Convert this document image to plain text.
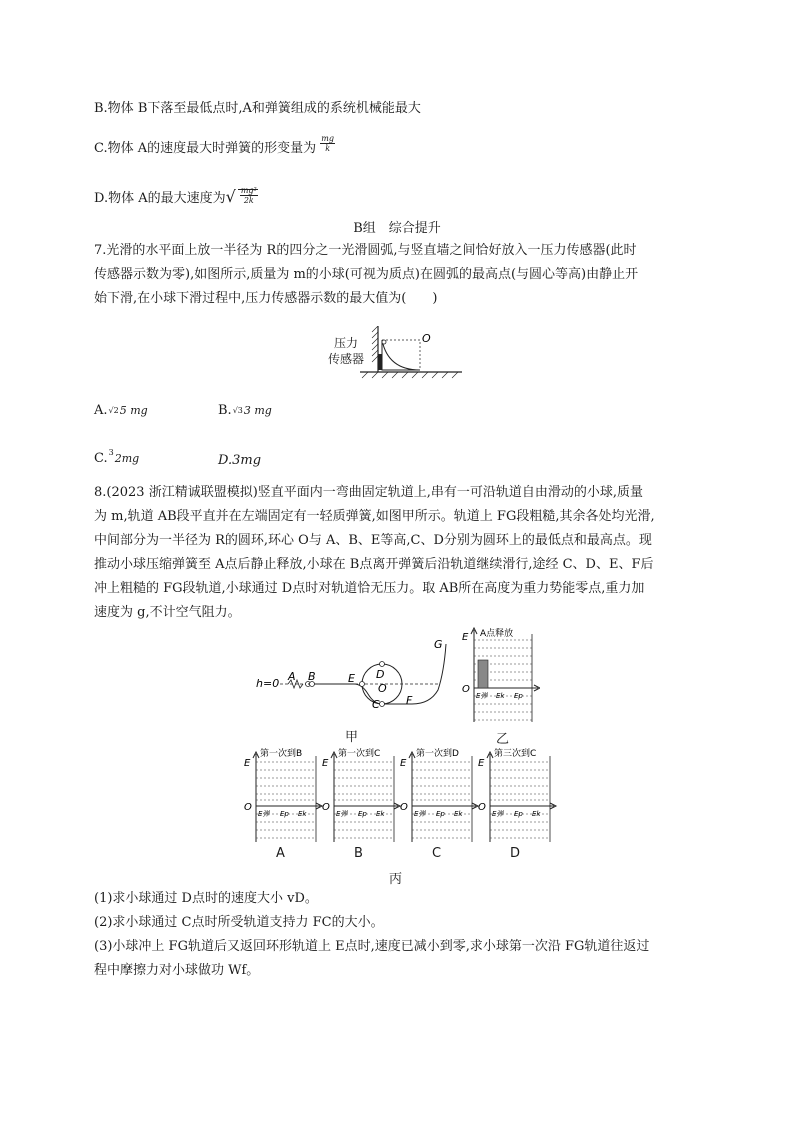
B.物体 B下落至最低点时,A和弹簧组成的系统机械能最大
C.物体 A的速度最大时弹簧的形变量为 $\frac{mg}{k}$
D.物体 A的最大速度为√ $\frac{\text{mg²}}{2k}$
B组　综合提升
7.光滑的水平面上放一半径为 R的四分之一光滑圆弧,与竖直墙之间恰好放入一压力传感器(此时
传感器示数为零),如图所示,质量为 m的小球(可视为质点)在圆弧的最高点(与圆心等高)由静止开
始下滑,在小球下滑过程中,压力传感器示数的最大值为(　　)
O
压力
传感器
A. √2 5 mg	B. √3 3 mg
C. 3 2mg	D.3mg
8.(2023 浙江精诚联盟模拟)竖直平面内一弯曲固定轨道上,串有一可沿轨道自由滑动的小球,质量
为 m,轨道 AB段平直并在左端固定有一轻质弹簧,如图甲所示。轨道上 FG段粗糙,其余各处均光滑,
中间部分为一半径为 R的圆环,环心 O与 A、B、E等高,C、D分别为圆环上的最低点和最高点。现
推动小球压缩弹簧至 A点后静止释放,小球在 B点离开弹簧后沿轨道继续滑行,途经 C、D、E、F后
冲上粗糙的 FG段轨道,小球通过 D点时对轨道恰无压力。取 AB所在高度为重力势能零点,重力加
速度为 g,不计空气阻力。
h=0
A B	E D
O
C F
G
甲
E
O
A点释放
E弹 Ek Ep
乙
E
O
第一次到B
E弹 Ep Ek
A
E
O
第一次到C
E弹 Ep Ek
B
E
O
第一次到D
E弹 Ep Ek
C
E
O
第三次到C
E弹 Ep Ek
D
丙
(1)求小球通过 D点时的速度大小 vD。
(2)求小球通过 C点时所受轨道支持力 FC的大小。
(3)小球冲上 FG轨道后又返回环形轨道上 E点时,速度已减小到零,求小球第一次沿 FG轨道往返过
程中摩擦力对小球做功 Wf。
